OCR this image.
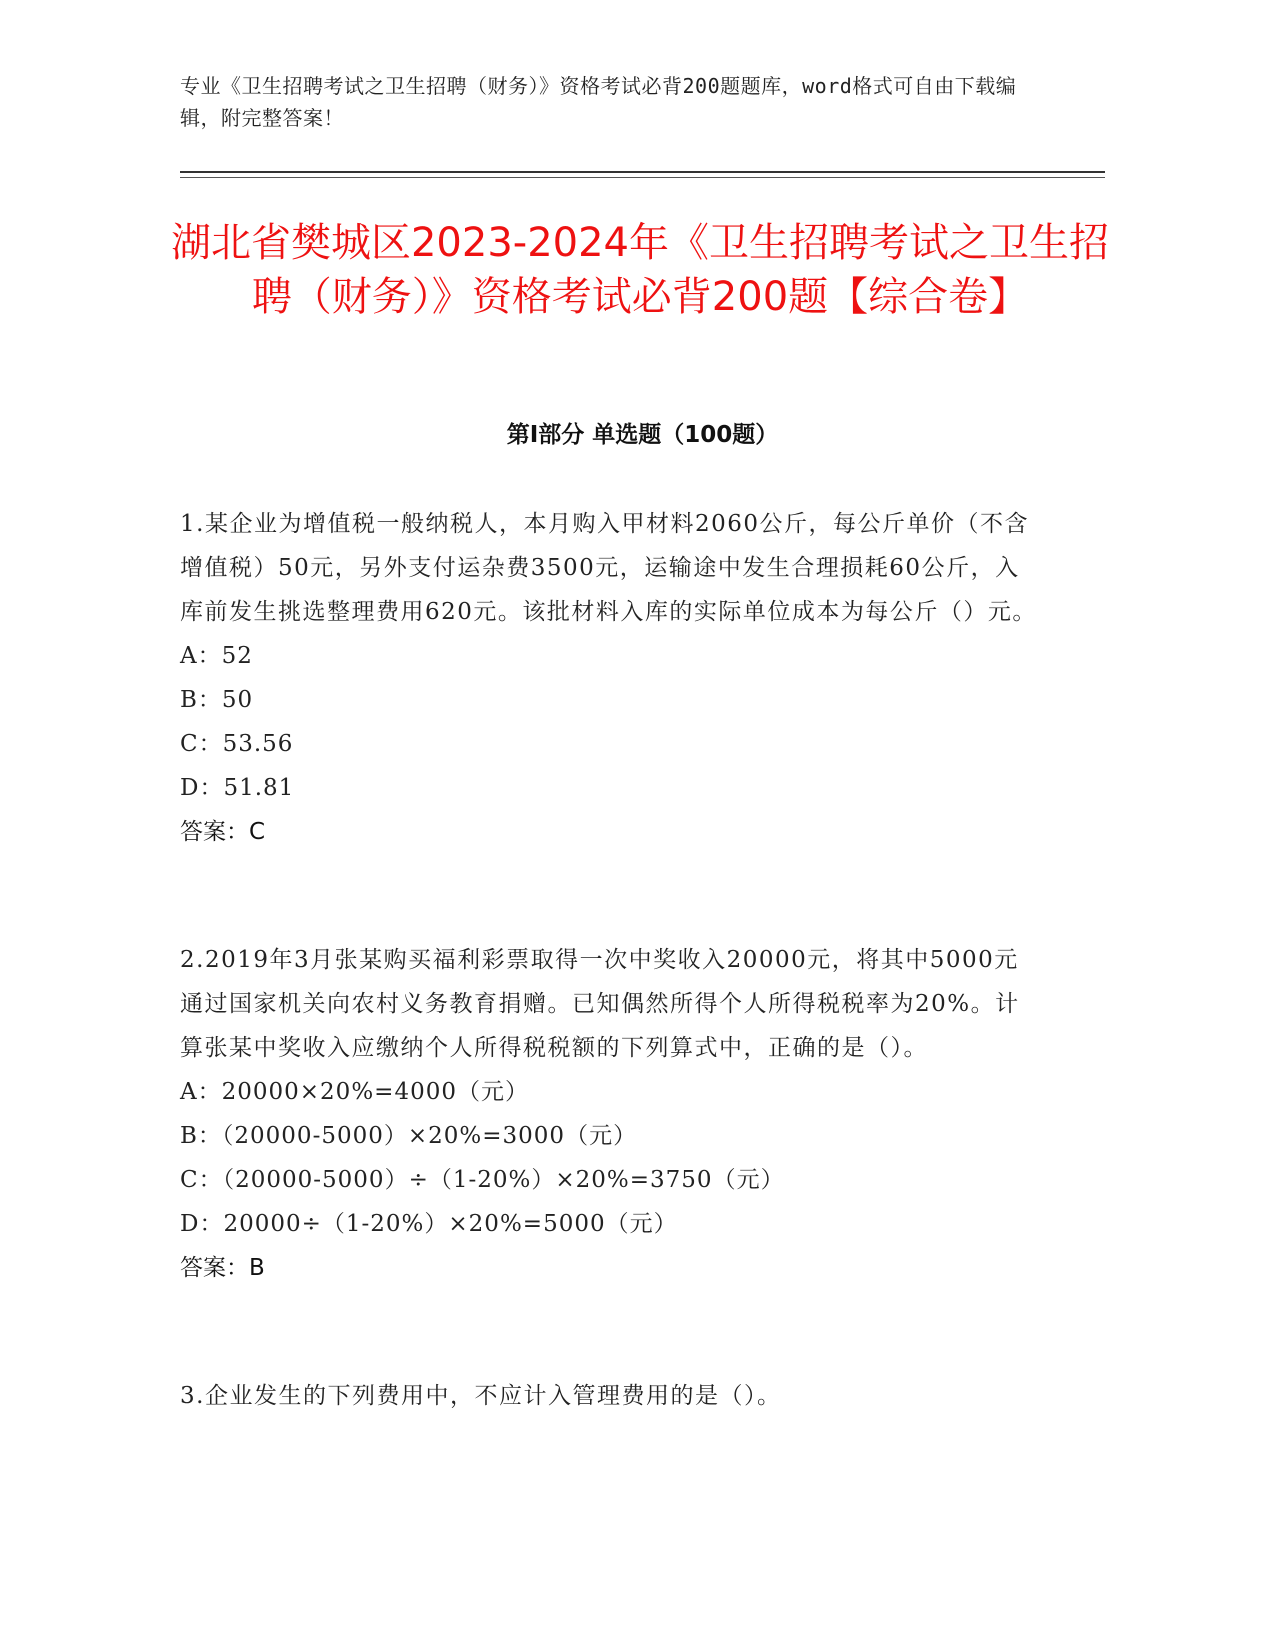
专业《卫生招聘考试之卫生招聘（财务）》资格考试必背200题题库，word格式可自由下载编辑，附完整答案！
湖北省樊城区2023-2024年《卫生招聘考试之卫生招聘（财务）》资格考试必背200题【综合卷】
第Ⅰ部分 单选题（100题）
1.某企业为增值税一般纳税人，本月购入甲材料2060公斤，每公斤单价（不含增值税）50元，另外支付运杂费3500元，运输途中发生合理损耗60公斤，入库前发生挑选整理费用620元。该批材料入库的实际单位成本为每公斤（）元。
A：52
B：50
C：53.56
D：51.81
答案：C
2.2019年3月张某购买福利彩票取得一次中奖收入20000元，将其中5000元通过国家机关向农村义务教育捐赠。已知偶然所得个人所得税税率为20%。计算张某中奖收入应缴纳个人所得税税额的下列算式中，正确的是（）。
A：20000×20%=4000（元）
B：（20000-5000）×20%=3000（元）
C：（20000-5000）÷（1-20%）×20%=3750（元）
D：20000÷（1-20%）×20%=5000（元）
答案：B
3.企业发生的下列费用中，不应计入管理费用的是（）。
